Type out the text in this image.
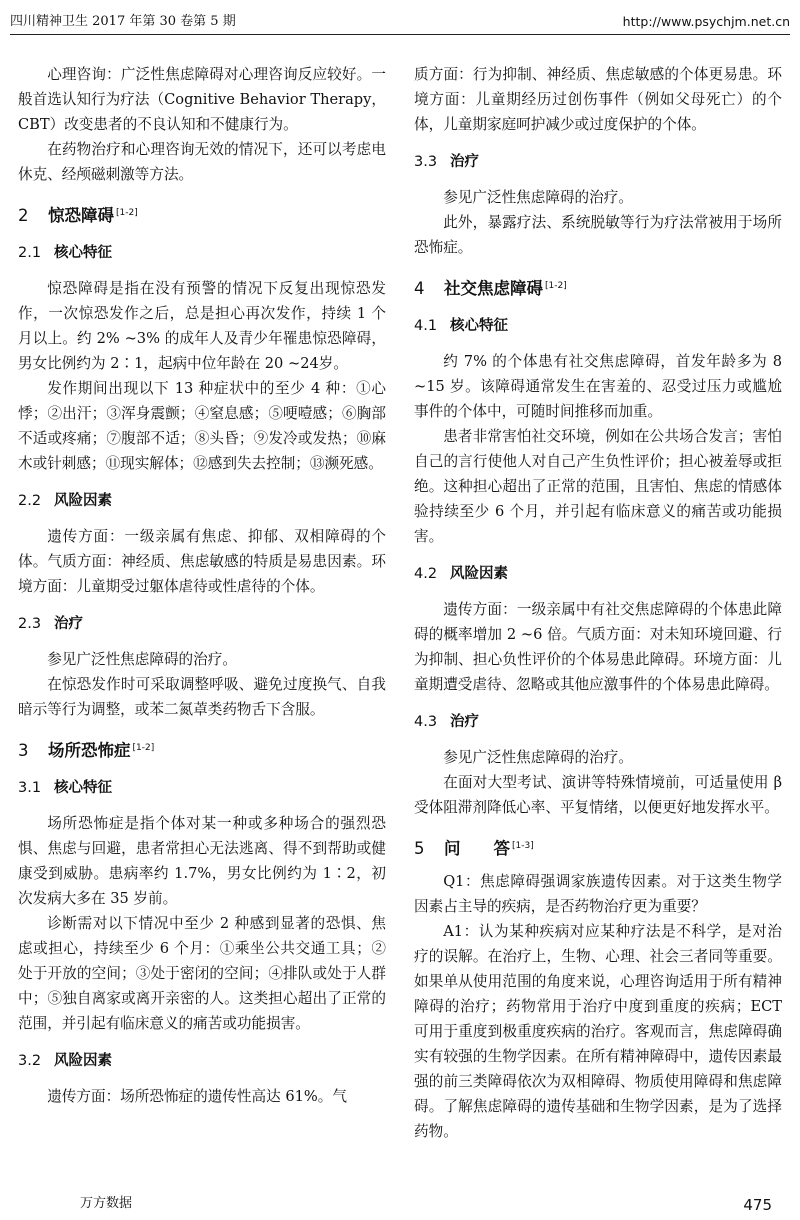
四川精神卫生 2017 年第 30 卷第 5 期	http://www.psychjm.net.cn

心理咨询：广泛性焦虑障碍对心理咨询反应较好。一般首选认知行为疗法（Cognitive Behavior Therapy，CBT）改变患者的不良认知和不健康行为。

在药物治疗和心理咨询无效的情况下，还可以考虑电休克、经颅磁刺激等方法。

2 惊恐障碍 [1-2]
2.1 核心特征

惊恐障碍是指在没有预警的情况下反复出现惊恐发作，一次惊恐发作之后，总是担心再次发作，持续 1 个月以上。约 2% ~3% 的成年人及青少年罹患惊恐障碍，男女比例约为 2∶1，起病中位年龄在 20 ~24岁。

发作期间出现以下 13 种症状中的至少 4 种：①心悸；②出汗；③浑身震颤；④窒息感；⑤哽噎感；⑥胸部不适或疼痛；⑦腹部不适；⑧头昏；⑨发冷或发热；⑩麻木或针刺感；⑪现实解体；⑫感到失去控制；⑬濒死感。

2.2 风险因素

遗传方面：一级亲属有焦虑、抑郁、双相障碍的个体。气质方面：神经质、焦虑敏感的特质是易患因素。环境方面：儿童期受过躯体虐待或性虐待的个体。

2.3 治疗

参见广泛性焦虑障碍的治疗。

在惊恐发作时可采取调整呼吸、避免过度换气、自我暗示等行为调整，或苯二氮䓬类药物舌下含服。

3 场所恐怖症 [1-2]
3.1 核心特征

场所恐怖症是指个体对某一种或多种场合的强烈恐惧、焦虑与回避，患者常担心无法逃离、得不到帮助或健康受到威胁。患病率约 1.7%，男女比例约为 1∶2，初次发病大多在 35 岁前。

诊断需对以下情况中至少 2 种感到显著的恐惧、焦虑或担心，持续至少 6 个月：①乘坐公共交通工具；②处于开放的空间；③处于密闭的空间；④排队或处于人群中；⑤独自离家或离开亲密的人。这类担心超出了正常的范围，并引起有临床意义的痛苦或功能损害。

3.2 风险因素

遗传方面：场所恐怖症的遗传性高达 61%。气

质方面：行为抑制、神经质、焦虑敏感的个体更易患。环境方面：儿童期经历过创伤事件（例如父母死亡）的个体，儿童期家庭呵护减少或过度保护的个体。

3.3 治疗

参见广泛性焦虑障碍的治疗。

此外，暴露疗法、系统脱敏等行为疗法常被用于场所恐怖症。

4 社交焦虑障碍 [1-2]
4.1 核心特征

约 7% 的个体患有社交焦虑障碍，首发年龄多为 8 ~15 岁。该障碍通常发生在害羞的、忍受过压力或尴尬事件的个体中，可随时间推移而加重。

患者非常害怕社交环境，例如在公共场合发言；害怕自己的言行使他人对自己产生负性评价；担心被羞辱或拒绝。这种担心超出了正常的范围，且害怕、焦虑的情感体验持续至少 6 个月，并引起有临床意义的痛苦或功能损害。

4.2 风险因素

遗传方面：一级亲属中有社交焦虑障碍的个体患此障碍的概率增加 2 ~6 倍。气质方面：对未知环境回避、行为抑制、担心负性评价的个体易患此障碍。环境方面：儿童期遭受虐待、忽略或其他应激事件的个体易患此障碍。

4.3 治疗

参见广泛性焦虑障碍的治疗。

在面对大型考试、演讲等特殊情境前，可适量使用 β 受体阻滞剂降低心率、平复情绪，以便更好地发挥水平。

5 问　　答 [1-3]

Q1：焦虑障碍强调家族遗传因素。对于这类生物学因素占主导的疾病，是否药物治疗更为重要？

A1：认为某种疾病对应某种疗法是不科学，是对治疗的误解。在治疗上，生物、心理、社会三者同等重要。如果单从使用范围的角度来说，心理咨询适用于所有精神障碍的治疗；药物常用于治疗中度到重度的疾病；ECT 可用于重度到极重度疾病的治疗。客观而言，焦虑障碍确实有较强的生物学因素。在所有精神障碍中，遗传因素最强的前三类障碍依次为双相障碍、物质使用障碍和焦虑障碍。了解焦虑障碍的遗传基础和生物学因素，是为了选择药物。

万方数据	475
